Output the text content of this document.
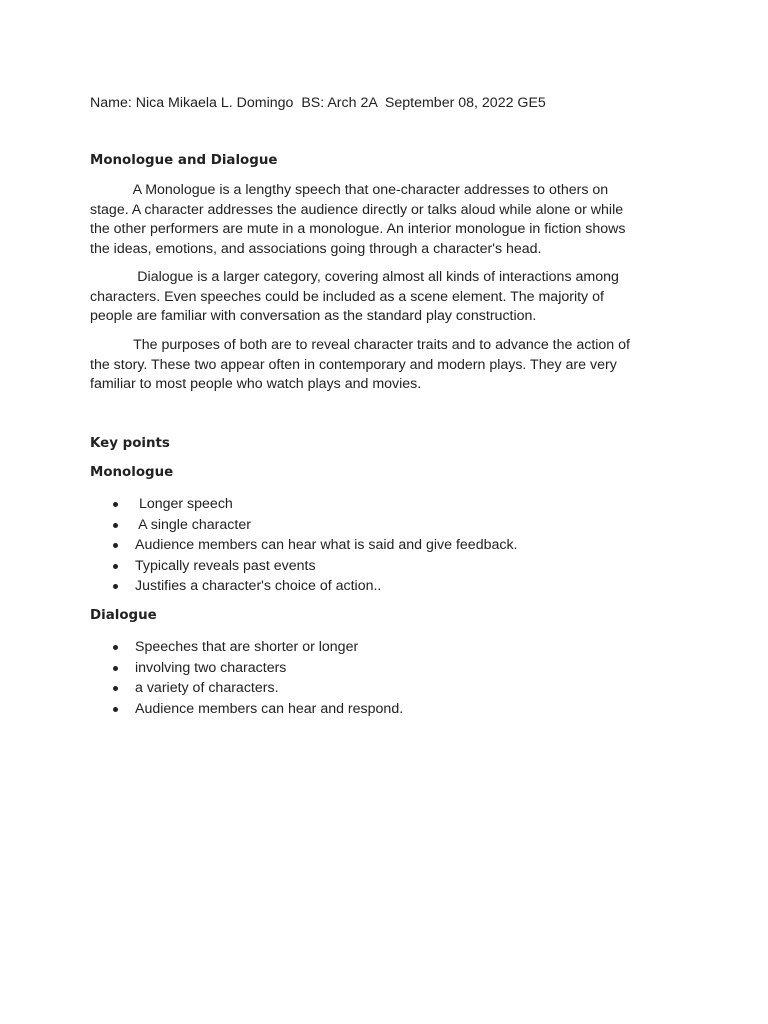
Name: Nica Mikaela L. Domingo  BS: Arch 2A  September 08, 2022 GE5
Monologue and Dialogue
A Monologue is a lengthy speech that one-character addresses to others on
stage. A character addresses the audience directly or talks aloud while alone or while
the other performers are mute in a monologue. An interior monologue in fiction shows
the ideas, emotions, and associations going through a character's head.
Dialogue is a larger category, covering almost all kinds of interactions among
characters. Even speeches could be included as a scene element. The majority of
people are familiar with conversation as the standard play construction.
The purposes of both are to reveal character traits and to advance the action of
the story. These two appear often in contemporary and modern plays. They are very
familiar to most people who watch plays and movies.
Key points
Monologue
Longer speech
A single character
Audience members can hear what is said and give feedback.
Typically reveals past events
Justifies a character's choice of action..
Dialogue
Speeches that are shorter or longer
involving two characters
a variety of characters.
Audience members can hear and respond.
